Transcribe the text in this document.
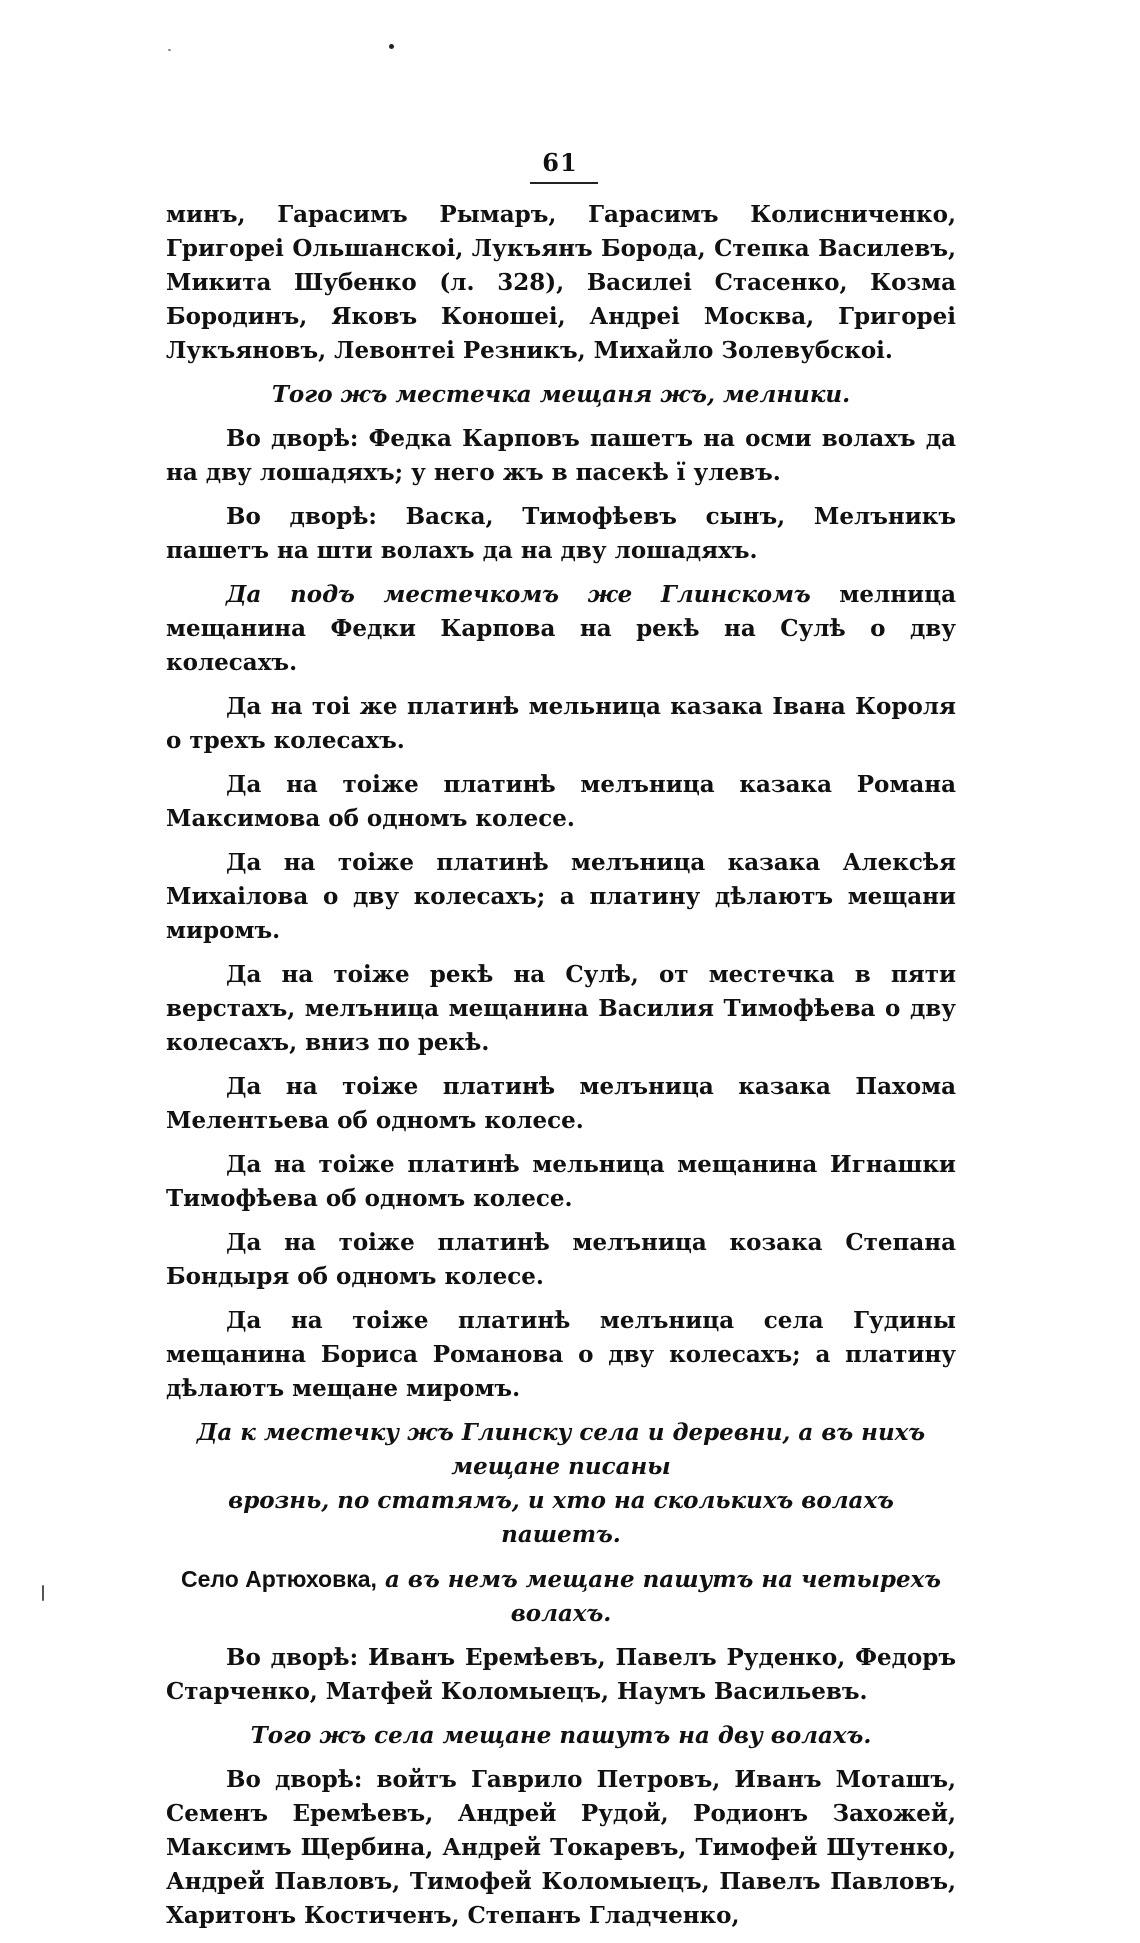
61

минъ, Гарасимъ Рымаръ, Гарасимъ Колисниченко, Григореі Ольшанскоі, Лукъянъ Борода, Степка Василевъ, Микита Шубенко (л. 328), Василеі Стасенко, Козма Бородинъ, Яковъ Коношеі, Андреі Москва, Григореі Лукъяновъ, Левонтеі Резникъ, Михайло Золевубскоі.

Того жъ местечка мещаня жъ, мелники.

Во дворѣ: Федка Карповъ пашетъ на осми волахъ да на дву лошадяхъ; у него жъ в пасекѣ ї улевъ.

Во дворѣ: Васка, Тимофѣевъ сынъ, Мелъникъ пашетъ на шти волахъ да на дву лошадяхъ.

Да подъ местечкомъ же Глинскомъ мелница мещанина Федки Карпова на рекѣ на Сулѣ о дву колесахъ.

Да на тоі же платинѣ мельница казака Івана Короля о трехъ колесахъ.

Да на тоіже платинѣ мелъница казака Романа Максимова об одномъ колесе.

Да на тоіже платинѣ мелъница казака Алексѣя Михаілова о дву колесахъ; а платину дѣлаютъ мещани миромъ.

Да на тоіже рекѣ на Сулѣ, от местечка в пяти верстахъ, мелъница мещанина Василия Тимофѣева о дву колесахъ, вниз по рекѣ.

Да на тоіже платинѣ мелъница казака Пахома Мелентьева об одномъ колесе.

Да на тоіже платинѣ мельница мещанина Игнашки Тимофѣева об одномъ колесе.

Да на тоіже платинѣ мелъница козака Степана Бондыря об одномъ колесе.

Да на тоіже платинѣ мелъница села Гудины мещанина Бориса Романова о дву колесахъ; а платину дѣлаютъ мещане миромъ.

Да к местечку жъ Глинску села и деревни, а въ нихъ мещане писаны
врознь, по статямъ, и хто на сколькихъ волахъ пашетъ.

Село Артюховка, а въ немъ мещане пашутъ на четырехъ волахъ.

Во дворѣ: Иванъ Еремѣевъ, Павелъ Руденко, Федоръ Старченко, Матфей Коломыецъ, Наумъ Васильевъ.

Того жъ села мещане пашутъ на дву волахъ.

Во дворѣ: войтъ Гаврило Петровъ, Иванъ Моташъ, Семенъ Еремѣевъ, Андрей Рудой, Родионъ Захожей, Максимъ Щербина, Андрей Токаревъ, Тимофей Шутенко, Андрей Павловъ, Тимофей Коломыецъ, Павелъ Павловъ, Харитонъ Костиченъ, Степанъ Гладченко,
